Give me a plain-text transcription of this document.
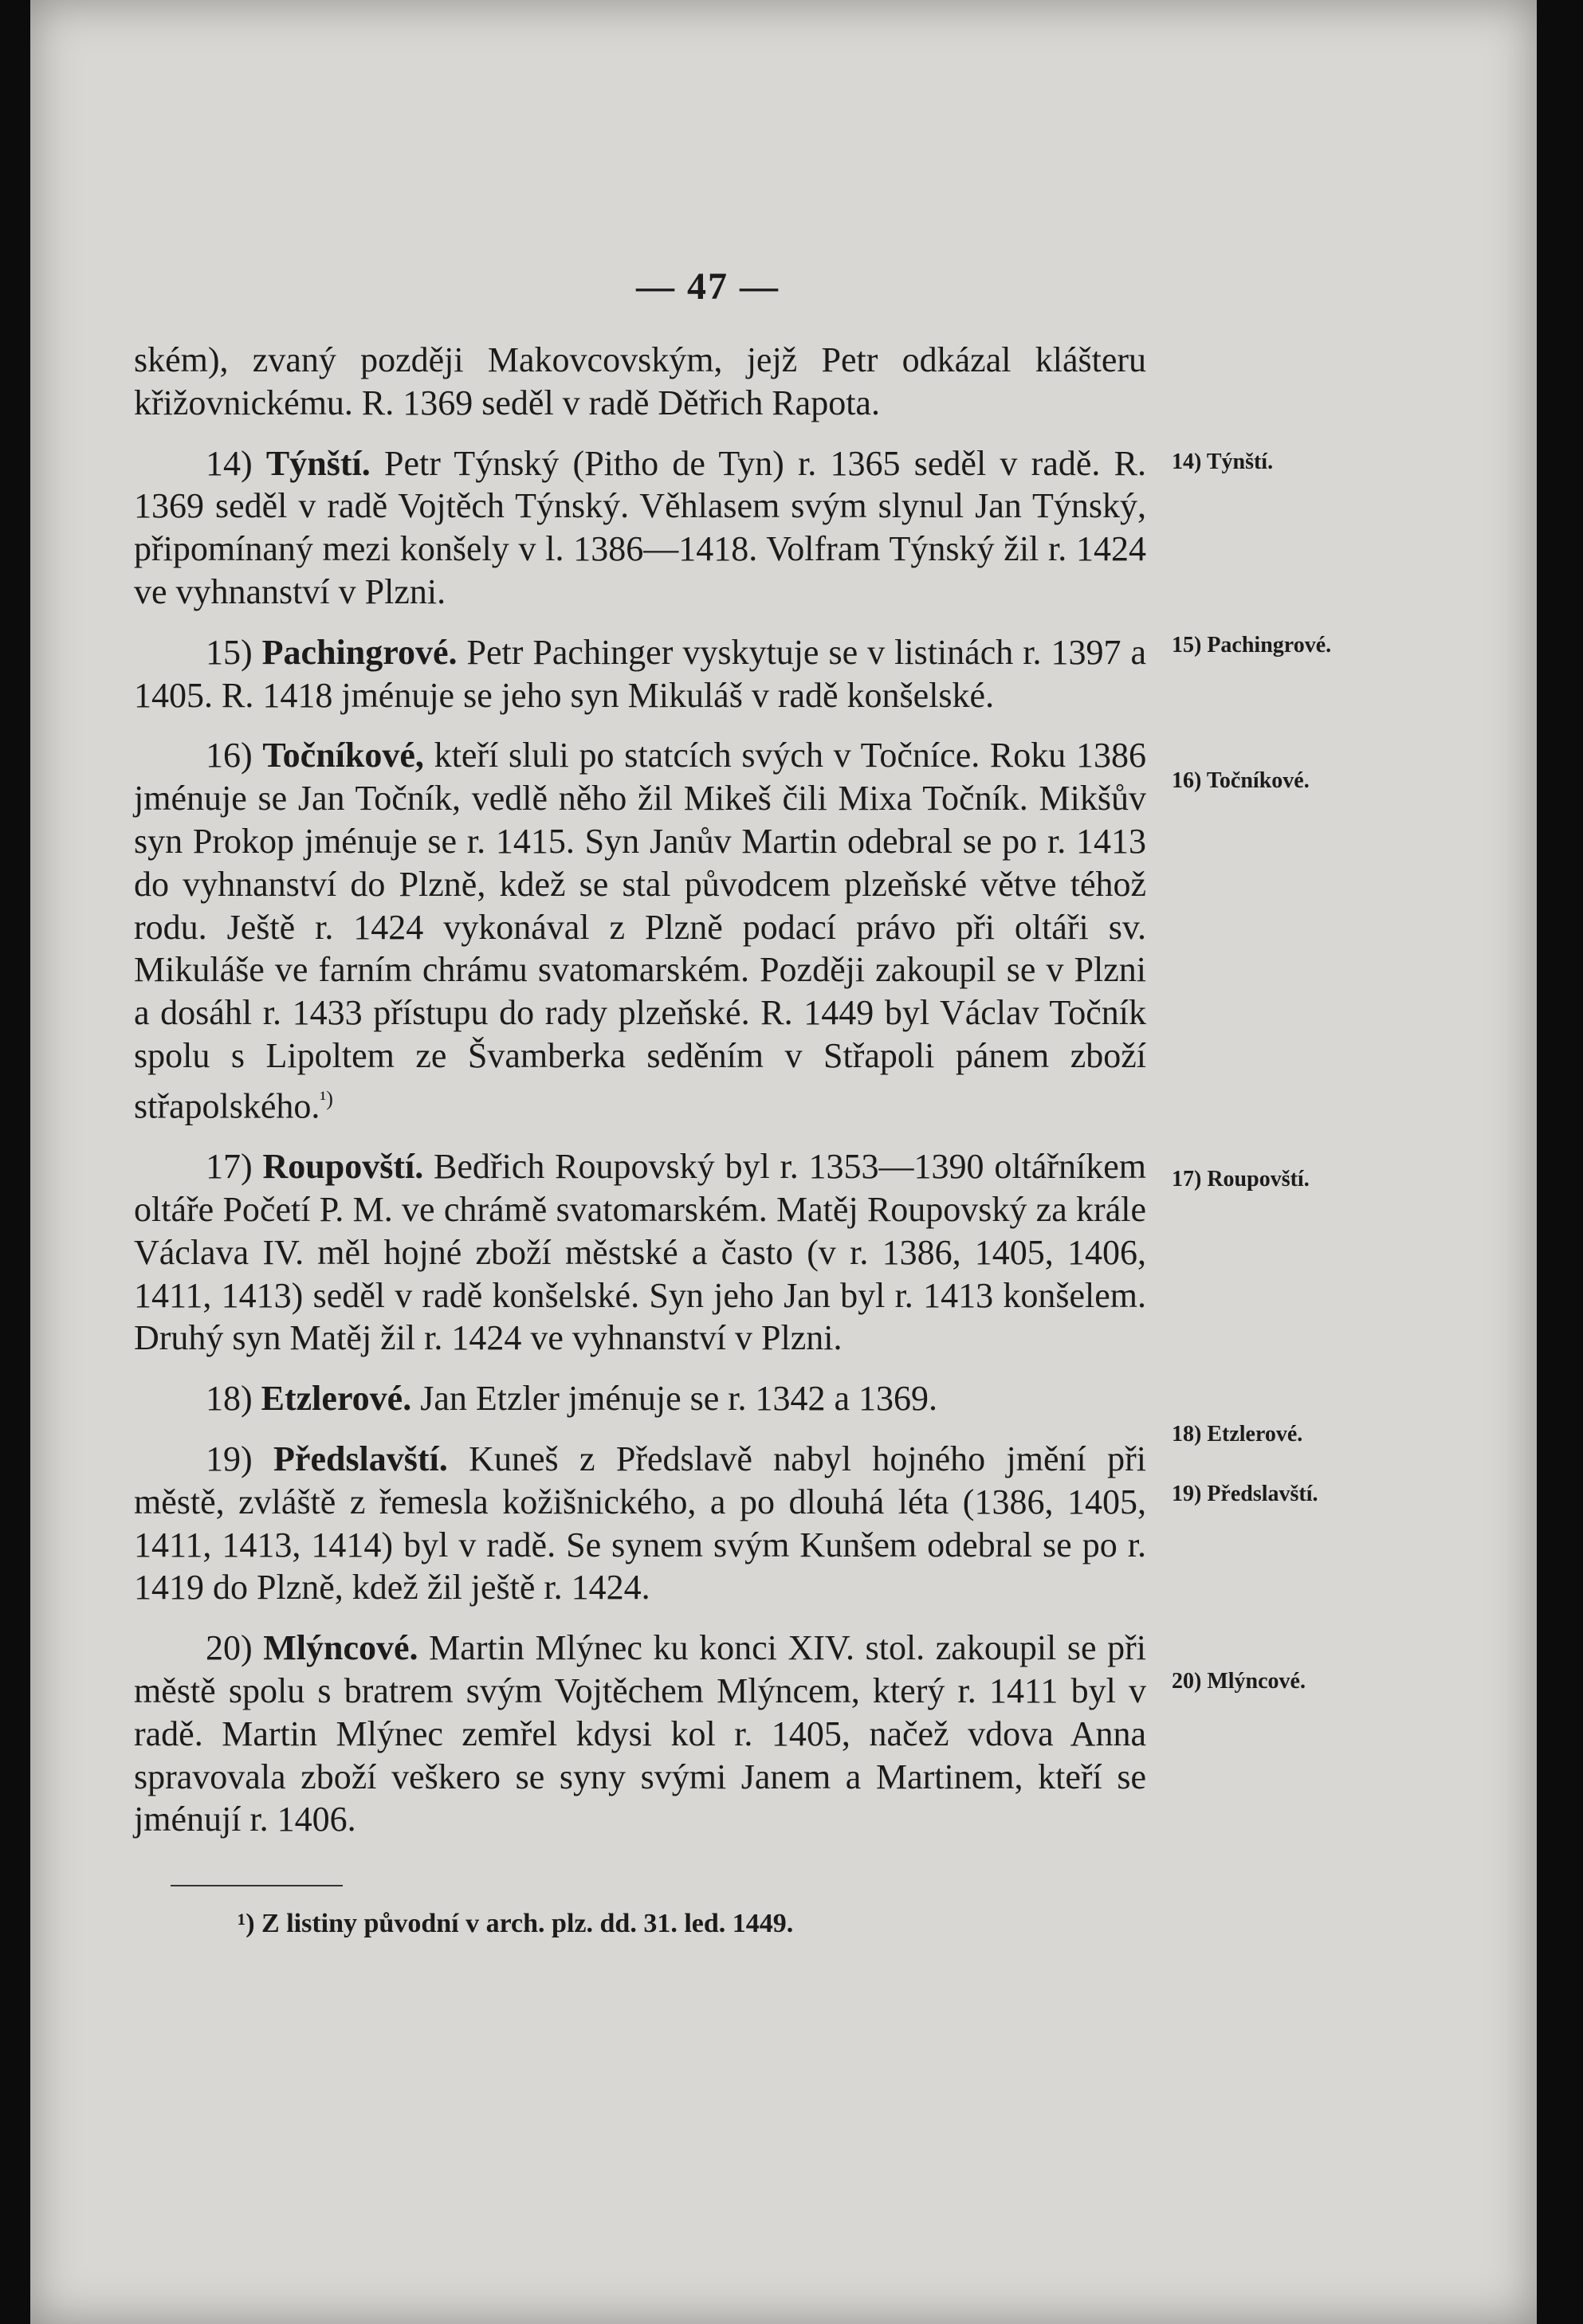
— 47 —

ském), zvaný později Makovcovským, jejž Petr odkázal klášteru křižovnickému. R. 1369 seděl v radě Dětřich Rapota.

14) Týnští. Petr Týnský (Pitho de Tyn) r. 1365 seděl v radě. R. 1369 seděl v radě Vojtěch Týnský. Věhlasem svým slynul Jan Týnský, připomínaný mezi konšely v l. 1386—1418. Volfram Týnský žil r. 1424 ve vyhnanství v Plzni.

15) Pachingrové. Petr Pachinger vyskytuje se v listinách r. 1397 a 1405. R. 1418 jménuje se jeho syn Mikuláš v radě konšelské.

16) Točníkové, kteří sluli po statcích svých v Točníce. Roku 1386 jménuje se Jan Točník, vedlě něho žil Mikeš čili Mixa Točník. Mikšův syn Prokop jménuje se r. 1415. Syn Janův Martin odebral se po r. 1413 do vyhnanství do Plzně, kdež se stal původcem plzeňské větve téhož rodu. Ještě r. 1424 vykonával z Plzně podací právo při oltáři sv. Mikuláše ve farním chrámu svatomarském. Později zakoupil se v Plzni a dosáhl r. 1433 přístupu do rady plzeňské. R. 1449 byl Václav Točník spolu s Lipoltem ze Švamberka seděním v Střapoli pánem zboží střapolského.$^{^1)}$

17) Roupovští. Bedřich Roupovský byl r. 1353—1390 oltářníkem oltáře Početí P. M. ve chrámě svatomarském. Matěj Roupovský za krále Václava IV. měl hojné zboží městské a často (v r. 1386, 1405, 1406, 1411, 1413) seděl v radě konšelské. Syn jeho Jan byl r. 1413 konšelem. Druhý syn Matěj žil r. 1424 ve vyhnanství v Plzni.

18) Etzlerové. Jan Etzler jménuje se r. 1342 a 1369.

19) Předslavští. Kuneš z Předslavě nabyl hojného jmění při městě, zvláště z řemesla kožišnického, a po dlouhá léta (1386, 1405, 1411, 1413, 1414) byl v radě. Se synem svým Kunšem odebral se po r. 1419 do Plzně, kdež žil ještě r. 1424.

20) Mlýncové. Martin Mlýnec ku konci XIV. stol. zakoupil se při městě spolu s bratrem svým Vojtěchem Mlýncem, který r. 1411 byl v radě. Martin Mlýnec zemřel kdysi kol r. 1405, načež vdova Anna spravovala zboží veškero se syny svými Janem a Martinem, kteří se jménují r. 1406.

14) Týnští.
15) Pachingrové.
16) Točníkové.
17) Roupovští.
18) Etzlerové.
19) Předslavští.
20) Mlýncové.
¹) Z listiny původní v arch. plz. dd. 31. led. 1449.
